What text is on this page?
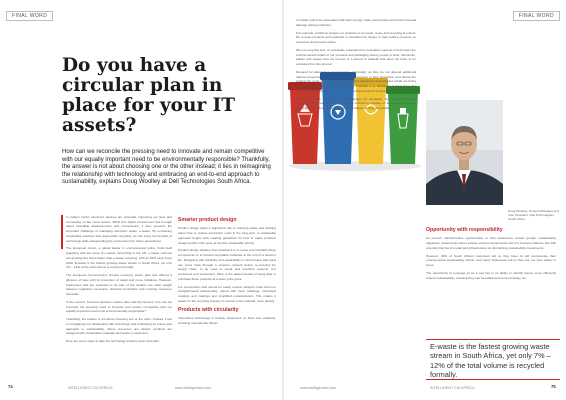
FINAL WORD
Do you have a circular plan in place for your IT assets?
How can we reconcile the pressing need to innovate and remain competitive with our equally important need to be environmentally responsible? Thankfully, the answer is not about choosing one or the other instead; it lies in reimagining the relationship with technology and embracing an end-to-end approach to sustainability, explains Doug Woolley at Dell Technologies South Africa.

In today's world, electronic devices are essential, improving our lives and connecting us like never before. While this digital environment has brought about incredible advancements and convenience, it also presents the important challenge of managing electronic waste, e-waste. By embracing sustainable solutions and responsible recycling, we can enjoy the benefits of technology while safeguarding the environment for future generations.

The European Union, a global leader in environmental policy, finds itself grappling with the issue of e-waste. According to the UN, e-waste volumes are growing five times faster than e-waste recycling, with an 82% jump since 2010. E-waste is the fastest growing waste stream in South Africa, yet only 7% – 12% of the total volume is recycled formally.

The European Commission's circular economy action plan has offered a glimmer of hope with its promotion of repair and reuse initiatives. However, businesses that are expected to be part of the solution are often caught between regulatory pressures, financial constraints and evolving consumer demands.

In the context, business decision makers often ask themselves: how can we reconcile the pressing need to innovate and remain competitive with our equally important need to be environmentally responsible?

Thankfully, the answer is not about choosing one or the other. Instead, it lies in reimagining our relationship with technology and embracing an end-to-end approach to sustainability, where resources are valued, products are designed with sustainable materials and waste is minimised.

Here are some steps to take the technology industry down that path.

Smarter product design

Product design plays a significant role in reducing waste and thinking about how to reduce production costs in the long-term. A sustainable approach begins with creating guidelines for how to make products designed with a life cycle as the first sustainable priority.

Product design dictates how practical it is to reuse and refurbish these components or to harvest recyclable materials at the end of a device's life. Designing with durability and repairability in mind means that parts can come back through a services network before re-entering the supply chain, to be used to repair and refurbish systems. For customers and consumers, there is the added benefit of being able to purchase these products at a lower price point.

For components that cannot be easily reused, designs could focus on straightforward disassembly, paired with clear markings, minimised coatings and coatings and simplified manufacturers. This makes it easier for the recycling industry to recover more material, more quickly.

Products with circularity

Intermittent technology is heavily dependent on finite raw materials, including minerals like lithium

74	INTELLIGENT CIO AFRICA	www.intelligentcio.com
FINAL WORD

or cobalt, which are associated with high energy, water consumption and environmental damage during extraction.

For example, at Dell we design our products to be repair, reuse and recycling at end-of-life to keep products and materials in circulation for longer, to help reduce pressure on resources and prevent waste.

We use recycled and, or renewable materials from innovative sources to help lower the environmental impact of our products and packaging. Every pound of steel, aluminium, plastic and copper that we recover is a pound of material that does not have to be extracted from the ground.

Demand for alternatives is increasing, particularly as they do not depend additional natural resources and emit fewer carbon emissions in their production and during the product life cycle. For example, low emissions aluminium and recycled cobalt are being used in our laptops. Another alternative material is a bioplastic derived from the production of paper, which is used in new components for technology.

When we design products, we must design for circularity. So, one of the most immediate influences is for the IT design process to operate on a closed-loop model, which keeps products and materials in circulation as long as possible.

Doug Woolley, General Manager and Vice President, Dell Technologies South Africa
Opportunity with responsibility

As present transformative opportunities to help businesses remain greater sustainability objectives. Assets help solve complex environmental issues but it is crucial to balance this with ensuring that the AI model and infrastructure do diminishing sustainability investments.

However, 46% of South African customers tell us they have AI will compromise their environmental sustainability efforts, and many businesses tell us they are not sure where to focus.

The opportunity to leverage AI as a tool lies in its ability to identify issues more efficiently around sustainability, meaning they can be addressed more precisely. So

E-waste is the fastest growing waste stream in South Africa, yet only 7% – 12% of the total volume is recycled formally.
www.intelligentcio.com	INTELLIGENT CIO AFRICA	75
